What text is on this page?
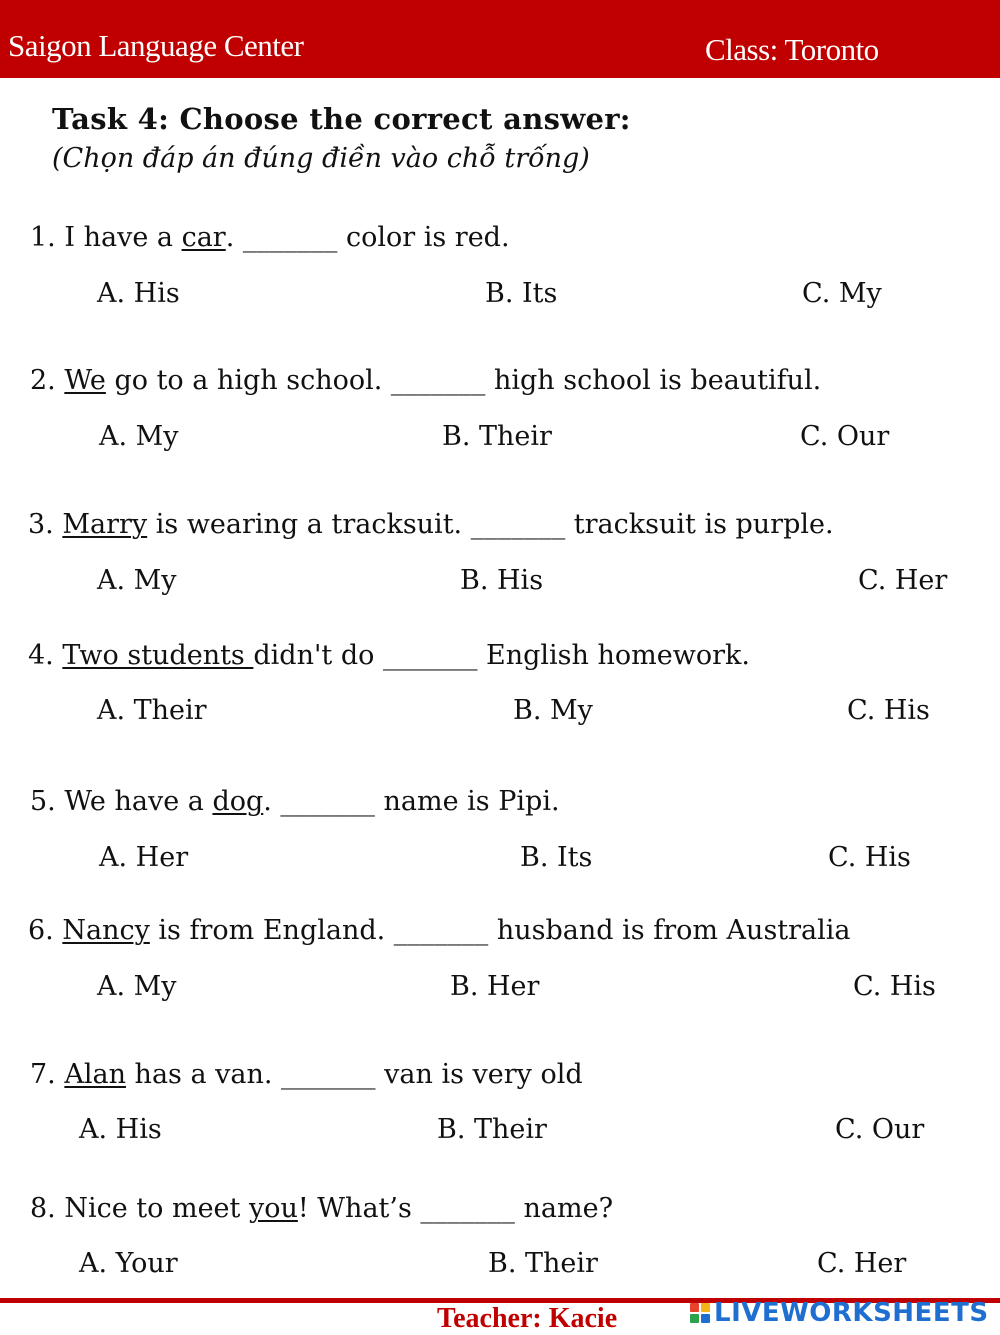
Saigon Language Center	Class: Toronto
Task 4: Choose the correct answer:
(Chọn đáp án đúng điền vào chỗ trống)
1. I have a car. _______ color is red.
A. His	B. Its	C. My
2. We go to a high school. _______ high school is beautiful.
A. My	B. Their	C. Our
3. Marry is wearing a tracksuit. _______ tracksuit is purple.
A. My	B. His	C. Her
4. Two students didn't do _______ English homework.
A. Their	B. My	C. His
5. We have a dog. _______ name is Pipi.
A. Her	B. Its	C. His
6. Nancy is from England. _______ husband is from Australia
A. My	B. Her	C. His
7. Alan has a van. _______ van is very old
A. His	B. Their	C. Our
8. Nice to meet you! What’s _______ name?
A. Your	B. Their	C. Her
Teacher: Kacie	LIVEWORKSHEETS
